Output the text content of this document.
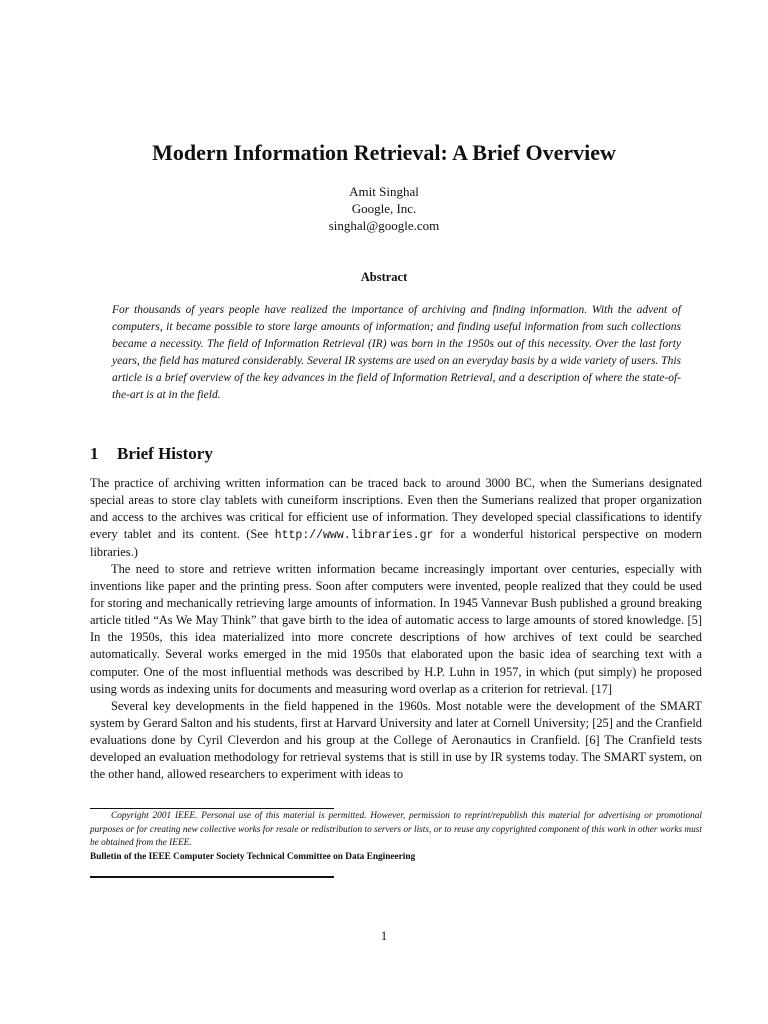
Modern Information Retrieval: A Brief Overview
Amit Singhal
Google, Inc.
singhal@google.com
Abstract
For thousands of years people have realized the importance of archiving and finding information. With the advent of computers, it became possible to store large amounts of information; and finding useful information from such collections became a necessity. The field of Information Retrieval (IR) was born in the 1950s out of this necessity. Over the last forty years, the field has matured considerably. Several IR systems are used on an everyday basis by a wide variety of users. This article is a brief overview of the key advances in the field of Information Retrieval, and a description of where the state-of-the-art is at in the field.
1 Brief History

The practice of archiving written information can be traced back to around 3000 BC, when the Sumerians designated special areas to store clay tablets with cuneiform inscriptions. Even then the Sumerians realized that proper organization and access to the archives was critical for efficient use of information. They developed special classifications to identify every tablet and its content. (See http://www.libraries.gr for a wonderful historical perspective on modern libraries.)

The need to store and retrieve written information became increasingly important over centuries, especially with inventions like paper and the printing press. Soon after computers were invented, people realized that they could be used for storing and mechanically retrieving large amounts of information. In 1945 Vannevar Bush published a ground breaking article titled “As We May Think” that gave birth to the idea of automatic access to large amounts of stored knowledge. [5] In the 1950s, this idea materialized into more concrete descriptions of how archives of text could be searched automatically. Several works emerged in the mid 1950s that elaborated upon the basic idea of searching text with a computer. One of the most influential methods was described by H.P. Luhn in 1957, in which (put simply) he proposed using words as indexing units for documents and measuring word overlap as a criterion for retrieval. [17]

Several key developments in the field happened in the 1960s. Most notable were the development of the SMART system by Gerard Salton and his students, first at Harvard University and later at Cornell University; [25] and the Cranfield evaluations done by Cyril Cleverdon and his group at the College of Aeronautics in Cranfield. [6] The Cranfield tests developed an evaluation methodology for retrieval systems that is still in use by IR systems today. The SMART system, on the other hand, allowed researchers to experiment with ideas to

Copyright 2001 IEEE. Personal use of this material is permitted. However, permission to reprint/republish this material for advertising or promotional purposes or for creating new collective works for resale or redistribution to servers or lists, or to reuse any copyrighted component of this work in other works must be obtained from the IEEE.

Bulletin of the IEEE Computer Society Technical Committee on Data Engineering

1
